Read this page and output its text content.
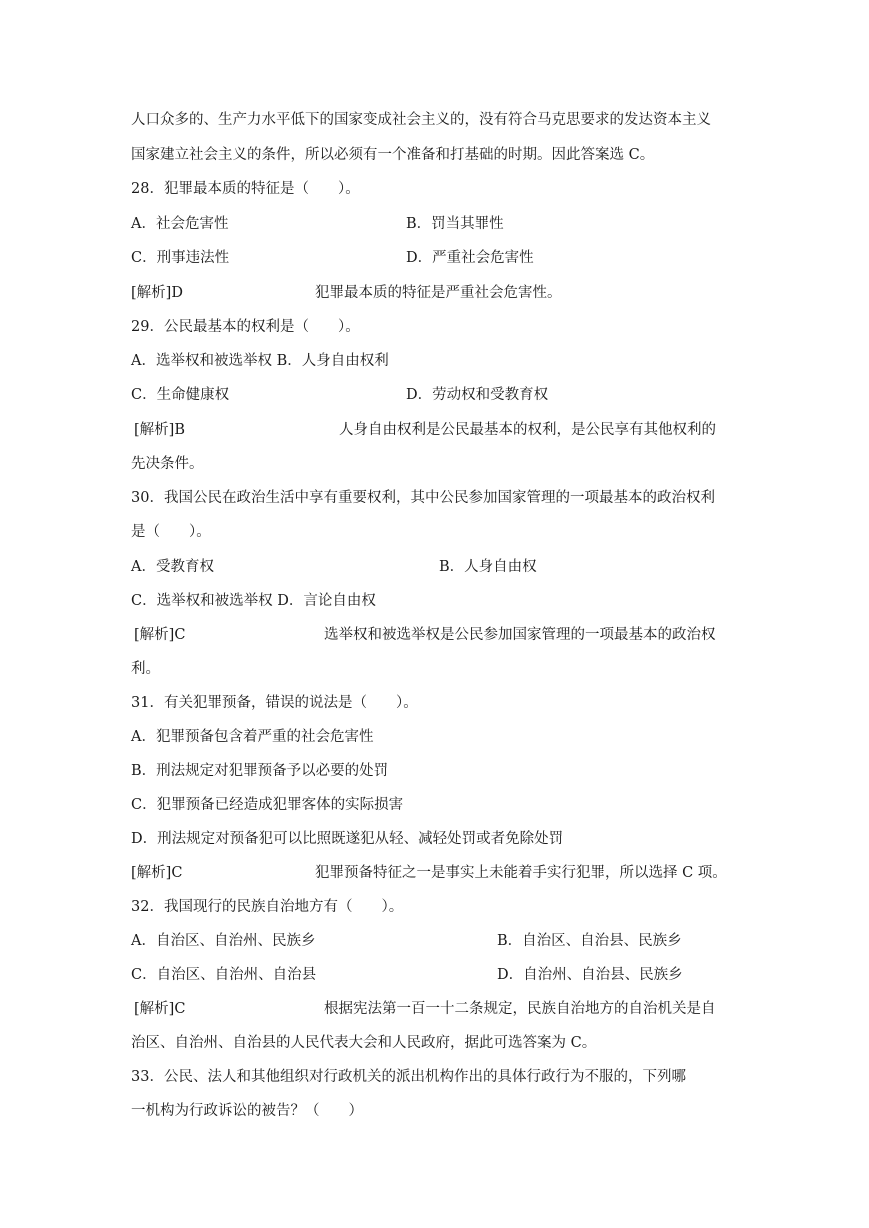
人口众多的、生产力水平低下的国家变成社会主义的，没有符合马克思要求的发达资本主义
国家建立社会主义的条件，所以必须有一个准备和打基础的时期。因此答案选 C。
28．犯罪最本质的特征是（　　）。
A．社会危害性	B．罚当其罪性
C．刑事违法性	D．严重社会危害性
[解析]D	犯罪最本质的特征是严重社会危害性。
29．公民最基本的权利是（　　）。
A．选举权和被选举权 B．人身自由权利
C．生命健康权	D．劳动权和受教育权
[解析]B	人身自由权利是公民最基本的权利，是公民享有其他权利的
先决条件。
30．我国公民在政治生活中享有重要权利，其中公民参加国家管理的一项最基本的政治权利
是（　　）。
A．受教育权	B．人身自由权
C．选举权和被选举权 D．言论自由权
[解析]C	选举权和被选举权是公民参加国家管理的一项最基本的政治权
利。
31．有关犯罪预备，错误的说法是（　　）。
A．犯罪预备包含着严重的社会危害性
B．刑法规定对犯罪预备予以必要的处罚
C．犯罪预备已经造成犯罪客体的实际损害
D．刑法规定对预备犯可以比照既遂犯从轻、减轻处罚或者免除处罚
[解析]C	犯罪预备特征之一是事实上未能着手实行犯罪，所以选择 C 项。
32．我国现行的民族自治地方有（　　）。
A．自治区、自治州、民族乡	B．自治区、自治县、民族乡
C．自治区、自治州、自治县	D．自治州、自治县、民族乡
[解析]C	根据宪法第一百一十二条规定，民族自治地方的自治机关是自
治区、自治州、自治县的人民代表大会和人民政府，据此可选答案为 C。
33．公民、法人和其他组织对行政机关的派出机构作出的具体行政行为不服的，下列哪
一机构为行政诉讼的被告？（　　）
